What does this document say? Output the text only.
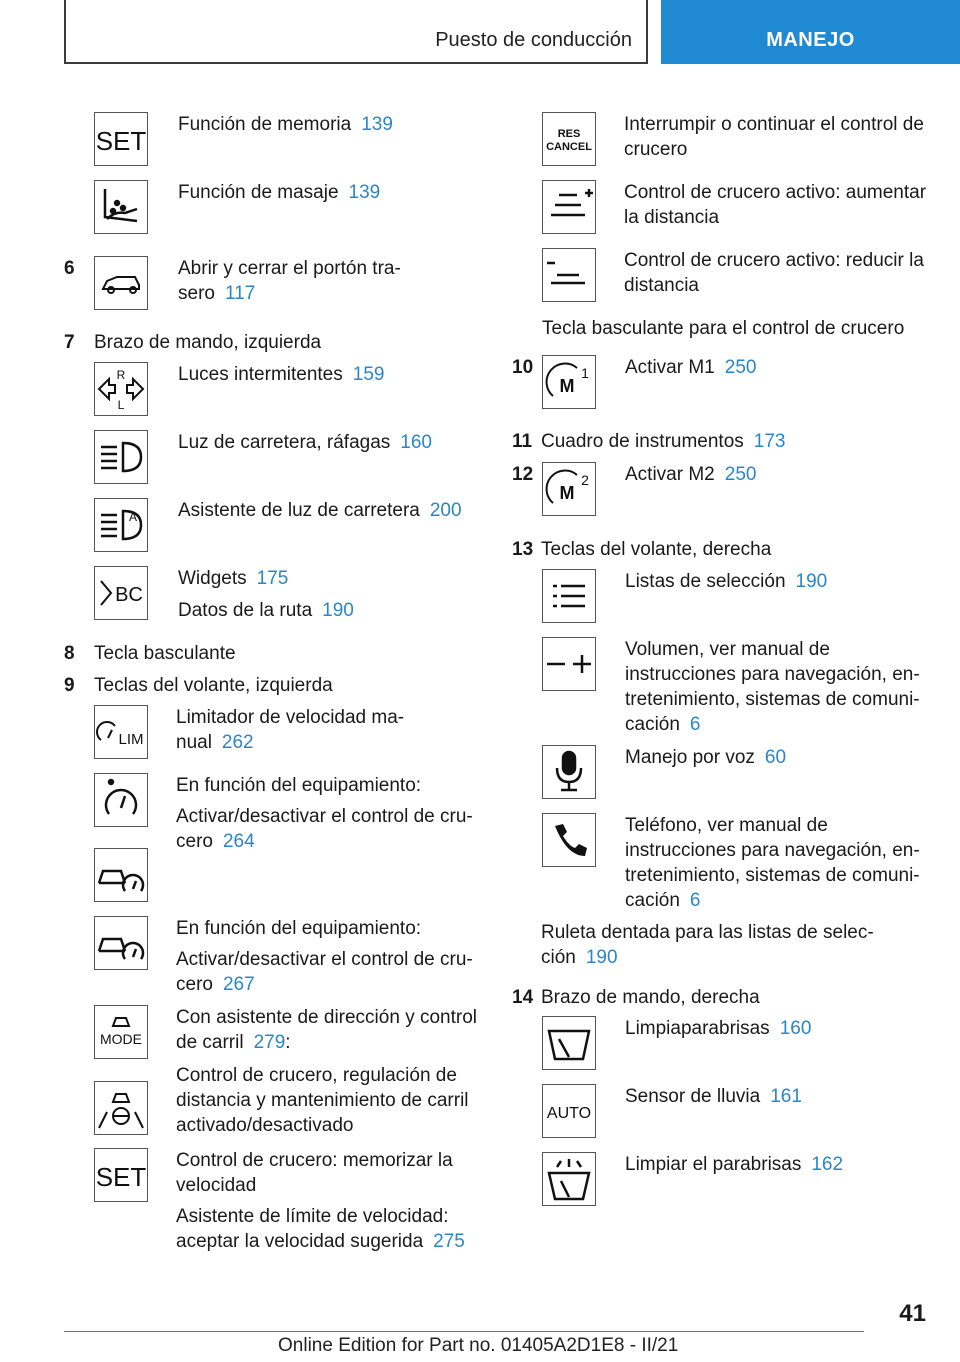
Puesto de conducción	MANEJO
SET
Función de memoria 139
Función de masaje 139
6	Abrir y cerrar el portón tra-
sero 117
7 Brazo de mando, izquierda
R
L
Luces intermitentes 159
Luz de carretera, ráfagas 160
A Asistente de luz de carretera 200
BC
Widgets 175
Datos de la ruta 190
8 Tecla basculante
9 Teclas del volante, izquierda
LIM
Limitador de velocidad ma-
nual 262
En función del equipamiento:
Activar/desactivar el control de cru-
cero 264
En función del equipamiento:
Activar/desactivar el control de cru-
cero 267
MODE
Con asistente de dirección y control
de carril 279:
Control de crucero, regulación de
distancia y mantenimiento de carril
activado/desactivado
SET
Control de crucero: memorizar la
velocidad
Asistente de límite de velocidad:
aceptar la velocidad sugerida 275
RES
CANCEL
Interrumpir o continuar el control de
crucero
Control de crucero activo: aumentar
la distancia
Control de crucero activo: reducir la
distancia
Tecla basculante para el control de crucero
10
M
1 Activar M1 250
11 Cuadro de instrumentos 173
12
M
2 Activar M2 250
13 Teclas del volante, derecha
Listas de selección 190
Volumen, ver manual de
instrucciones para navegación, en-
tretenimiento, sistemas de comuni-
cación 6
Manejo por voz 60
Teléfono, ver manual de
instrucciones para navegación, en-
tretenimiento, sistemas de comuni-
cación 6
Ruleta dentada para las listas de selec-
ción 190
14 Brazo de mando, derecha
Limpiaparabrisas 160
AUTO
Sensor de lluvia 161
Limpiar el parabrisas 162
41
Online Edition for Part no. 01405A2D1E8 - II/21
